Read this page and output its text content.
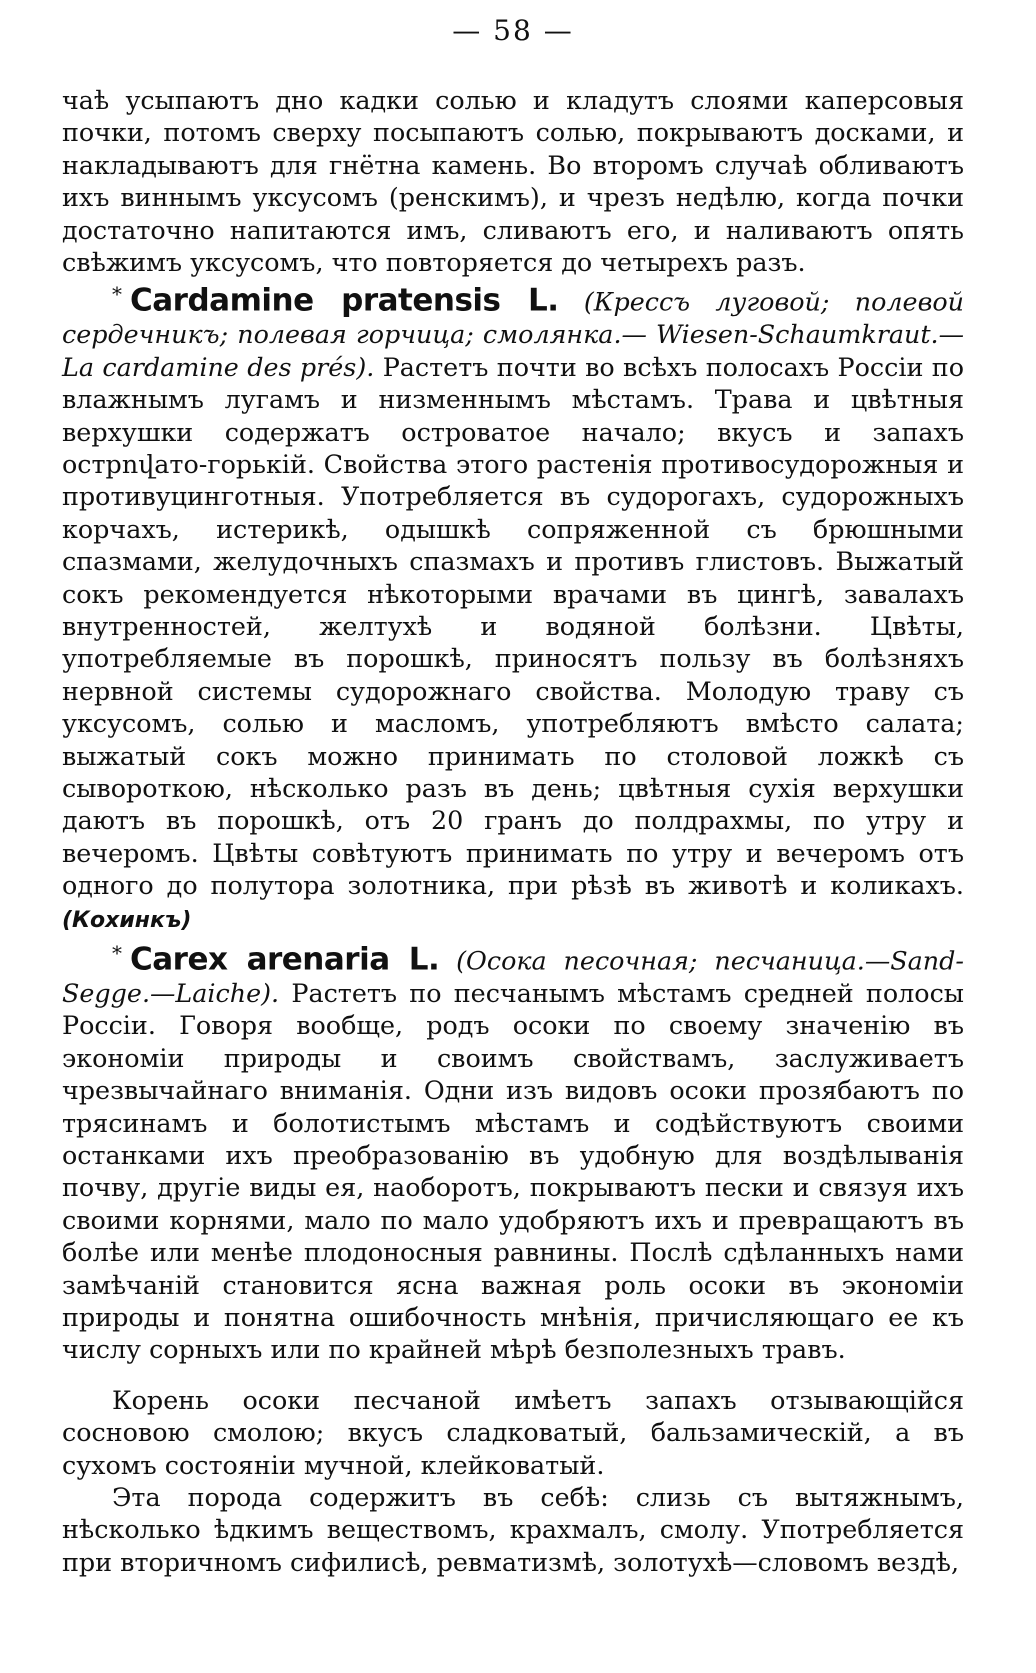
— 58 —

чаѣ усыпаютъ дно кадки солью и кладутъ слоями каперсовыя почки, потомъ сверху посыпаютъ солью, покрываютъ досками, и накладываютъ для гнётна камень. Во второмъ случаѣ обливаютъ ихъ виннымъ уксусомъ (ренскимъ), и чрезъ недѣлю, когда почки достаточно напитаются имъ, сливаютъ его, и наливаютъ опять свѣжимъ уксусомъ, что повторяется до четырехъ разъ.

* Cardamine pratensis L. (Крессъ луговой; полевой сердечникъ; полевая горчица; смолянка.— Wiesen-Schaumkraut.—La cardamine des prés). Растетъ почти во всѣхъ полосахъ Россіи по влажнымъ лугамъ и низменнымъ мѣстамъ. Трава и цвѣтныя верхушки содержатъ островатое начало; вкусъ и запахъ острովато-горькій. Свойства этого растенія противосудорожныя и противуцинготныя. Употребляется въ судорогахъ, судорожныхъ корчахъ, истерикѣ, одышкѣ сопряженной съ брюшными спазмами, желудочныхъ спазмахъ и противъ глистовъ. Выжатый сокъ рекомендуется нѣкоторыми врачами въ цингѣ, завалахъ внутренностей, желтухѣ и водяной болѣзни. Цвѣты, употребляемые въ порошкѣ, приносятъ пользу въ болѣзняхъ нервной системы судорожнаго свойства. Молодую траву съ уксусомъ, солью и масломъ, употребляютъ вмѣсто салата; выжатый сокъ можно принимать по столовой ложкѣ съ сывороткою, нѣсколько разъ въ день; цвѣтныя сухія верхушки даютъ въ порошкѣ, отъ 20 гранъ до полдрахмы, по утру и вечеромъ. Цвѣты совѣтуютъ принимать по утру и вечеромъ отъ одного до полутора золотника, при рѣзѣ въ животѣ и коликахъ. (Кохинкъ)

* Carex arenaria L. (Осока песочная; песчаница.—Sand-Segge.—Laiche). Растетъ по песчанымъ мѣстамъ средней полосы Россіи. Говоря вообще, родъ осоки по своему значенію въ экономіи природы и своимъ свойствамъ, заслуживаетъ чрезвычайнаго вниманія. Одни изъ видовъ осоки прозябаютъ по трясинамъ и болотистымъ мѣстамъ и содѣйствуютъ своими останками ихъ преобразованію въ удобную для воздѣлыванія почву, другіе виды ея, наоборотъ, покрываютъ пески и связуя ихъ своими корнями, мало по мало удобряютъ ихъ и превращаютъ въ болѣе или менѣе плодоносныя равнины. Послѣ сдѣланныхъ нами замѣчаній становится ясна важная роль осоки въ экономіи природы и понятна ошибочность мнѣнія, причисляющаго ее къ числу сорныхъ или по крайней мѣрѣ безполезныхъ травъ.

Корень осоки песчаной имѣетъ запахъ отзывающійся сосновою смолою; вкусъ сладковатый, бальзамическій, а въ сухомъ состояніи мучной, клейковатый.

Эта порода содержитъ въ себѣ: слизь съ вытяжнымъ, нѣсколько ѣдкимъ веществомъ, крахмалъ, смолу. Употребляется при вторичномъ сифилисѣ, ревматизмѣ, золотухѣ—словомъ вездѣ,
